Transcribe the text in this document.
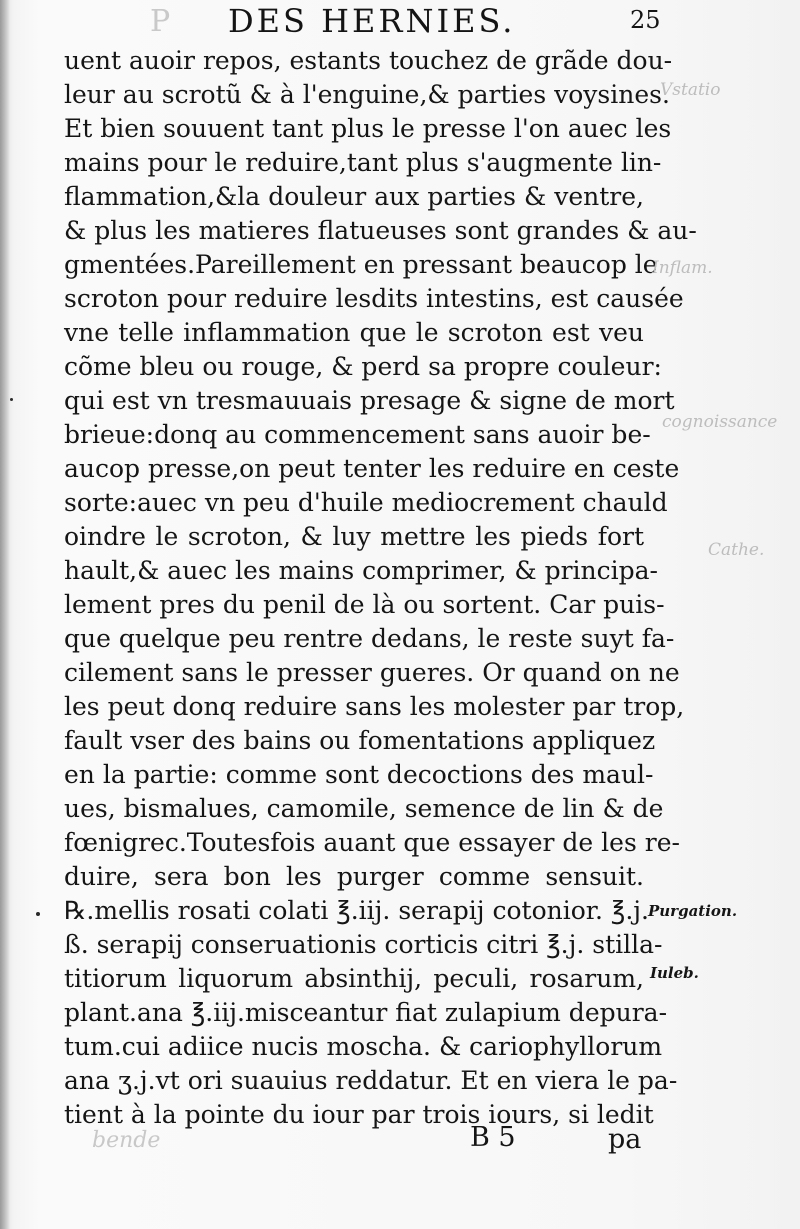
P DES HERNIES.	25
uent auoir repos, estants touchez de grãde dou-
leur au scrotũ & à l'enguine,& parties voysines.
Et bien souuent tant plus le presse l'on auec les
mains pour le reduire,tant plus s'augmente lin-
flammation,&la douleur aux parties & ventre,
& plus les matieres flatueuses sont grandes & au-
gmentées.Pareillement en pressant beaucop le
scroton pour reduire lesdits intestins, est causée
vne telle inflammation que le scroton est veu
cõme bleu ou rouge, & perd sa propre couleur:
qui est vn tresmauuais presage & signe de mort
brieue:donq au commencement sans auoir be-
aucop presse,on peut tenter les reduire en ceste
sorte:auec vn peu d'huile mediocrement chauld
oindre le scroton, & luy mettre les pieds fort
hault,& auec les mains comprimer, & principa-
lement pres du penil de là ou sortent. Car puis-
que quelque peu rentre dedans, le reste suyt fa-
cilement sans le presser gueres. Or quand on ne
les peut donq reduire sans les molester par trop,
fault vser des bains ou fomentations appliquez
en la partie: comme sont decoctions des maul-
ues, bismalues, camomile, semence de lin & de
fœnigrec.Toutesfois auant que essayer de les re-
duire, sera bon les purger comme sensuit.
℞.mellis rosati colati ℥.iij. serapij cotonior. ℥.j.
ß. serapij conseruationis corticis citri ℥.j. stilla-
titiorum liquorum absinthij, peculi, rosarum,
plant.ana ℥.iij.misceantur fiat zulapium depura-
tum.cui adiice nucis moscha. & cariophyllorum
ana ʒ.j.vt ori suauius reddatur. Et en viera le pa-
tient à la pointe du iour par trois iours, si ledit
Vstatio
Inflam.
cognoissance
Cathe.
Purgation.
Iuleb.
bende	B 5	pa
